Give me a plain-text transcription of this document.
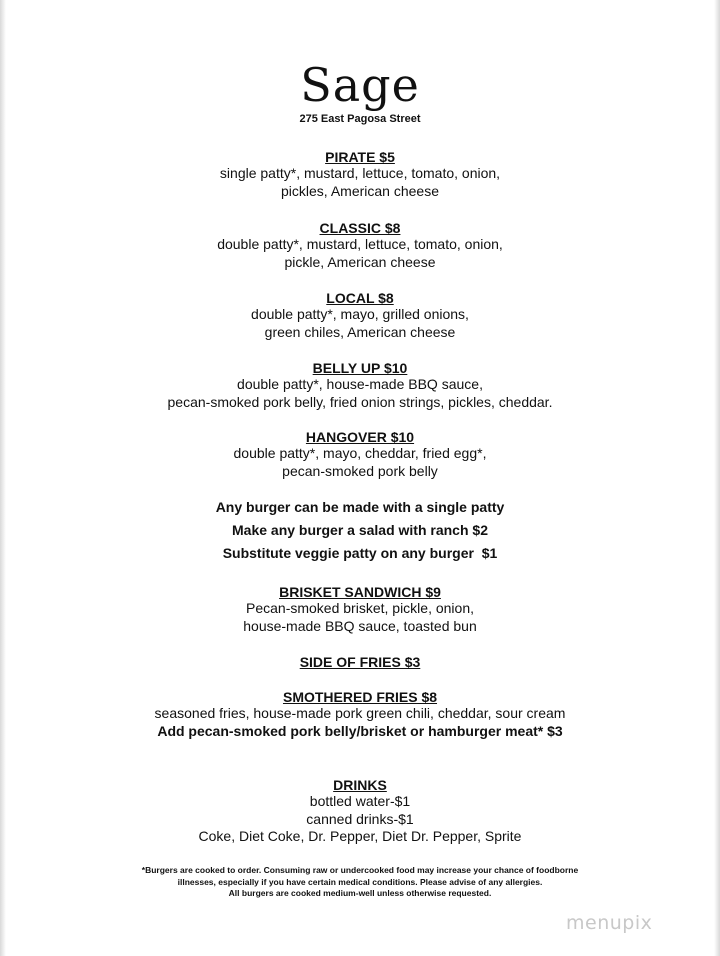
Sage
275 East Pagosa Street
PIRATE $5
single patty*, mustard, lettuce, tomato, onion,
pickles, American cheese
CLASSIC $8
double patty*, mustard, lettuce, tomato, onion,
pickle, American cheese
LOCAL $8
double patty*, mayo, grilled onions,
green chiles, American cheese
BELLY UP $10
double patty*, house-made BBQ sauce,
pecan-smoked pork belly, fried onion strings, pickles, cheddar.
HANGOVER $10
double patty*, mayo, cheddar, fried egg*,
pecan-smoked pork belly
Any burger can be made with a single patty
Make any burger a salad with ranch $2
Substitute veggie patty on any burger  $1
BRISKET SANDWICH $9
Pecan-smoked brisket, pickle, onion,
house-made BBQ sauce, toasted bun
SIDE OF FRIES $3
SMOTHERED FRIES $8
seasoned fries, house-made pork green chili, cheddar, sour cream
Add pecan-smoked pork belly/brisket or hamburger meat* $3
DRINKS
bottled water-$1
canned drinks-$1
Coke, Diet Coke, Dr. Pepper, Diet Dr. Pepper, Sprite
*Burgers are cooked to order. Consuming raw or undercooked food may increase your chance of foodborne
illnesses, especially if you have certain medical conditions. Please advise of any allergies.
All burgers are cooked medium-well unless otherwise requested.
menupix
